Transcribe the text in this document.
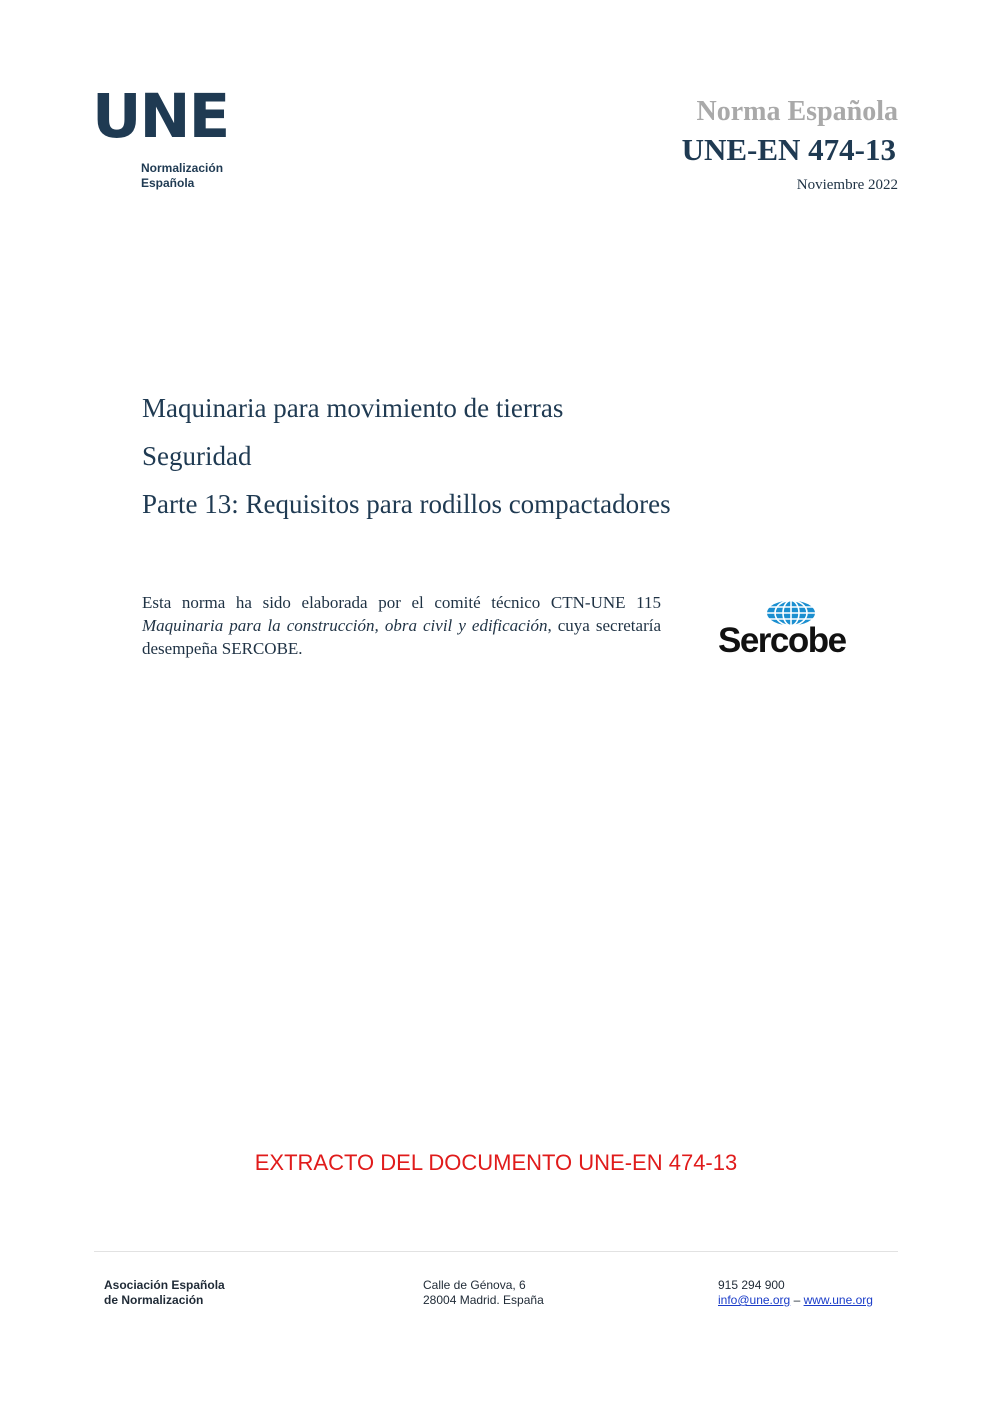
UNE
Normalización
Española
Norma Española
UNE-EN 474-13
Noviembre 2022
Maquinaria para movimiento de tierras
Seguridad
Parte 13: Requisitos para rodillos compactadores

Esta norma ha sido elaborada por el comité técnico CTN-UNE 115 Maquinaria para la construcción, obra civil y edificación, cuya secretaría desempeña SERCOBE.	Sercobe
EXTRACTO DEL DOCUMENTO UNE-EN 474-13
Asociación Española
de Normalización
Calle de Génova, 6
28004 Madrid. España
915 294 900
info@une.org – www.une.org
